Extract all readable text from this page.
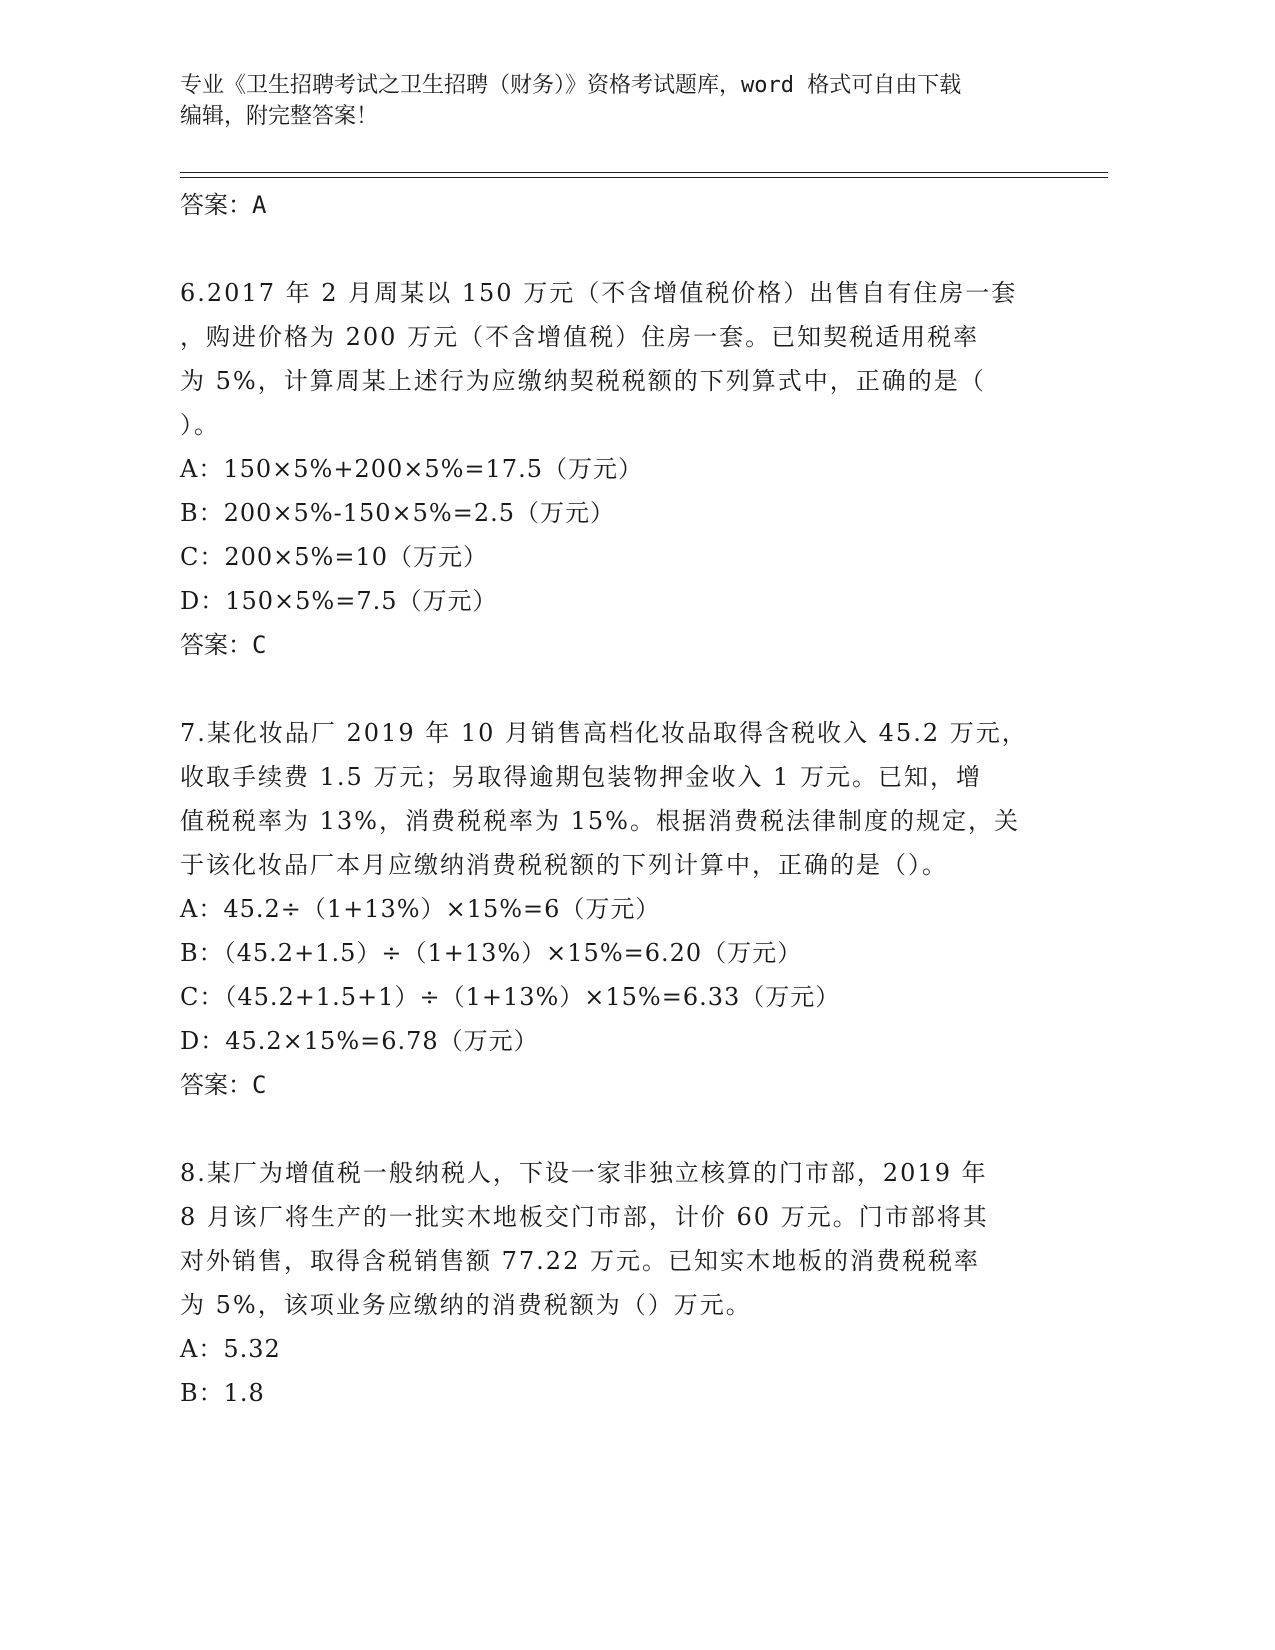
专业《卫生招聘考试之卫生招聘（财务）》资格考试题库，word 格式可自由下载
编辑，附完整答案！
答案：A
6.2017 年 2 月周某以 150 万元（不含增值税价格）出售自有住房一套
，购进价格为 200 万元（不含增值税）住房一套。已知契税适用税率
为 5%，计算周某上述行为应缴纳契税税额的下列算式中，正确的是（
）。
A：150×5%+200×5%=17.5（万元）
B：200×5%-150×5%=2.5（万元）
C：200×5%=10（万元）
D：150×5%=7.5（万元）
答案：C
7.某化妆品厂 2019 年 10 月销售高档化妆品取得含税收入 45.2 万元，
收取手续费 1.5 万元；另取得逾期包装物押金收入 1 万元。已知，增
值税税率为 13%，消费税税率为 15%。根据消费税法律制度的规定，关
于该化妆品厂本月应缴纳消费税税额的下列计算中，正确的是（）。
A：45.2÷（1+13%）×15%=6（万元）
B：（45.2+1.5）÷（1+13%）×15%=6.20（万元）
C：（45.2+1.5+1）÷（1+13%）×15%=6.33（万元）
D：45.2×15%=6.78（万元）
答案：C
8.某厂为增值税一般纳税人，下设一家非独立核算的门市部，2019 年
8 月该厂将生产的一批实木地板交门市部，计价 60 万元。门市部将其
对外销售，取得含税销售额 77.22 万元。已知实木地板的消费税税率
为 5%，该项业务应缴纳的消费税额为（）万元。
A：5.32
B：1.8
